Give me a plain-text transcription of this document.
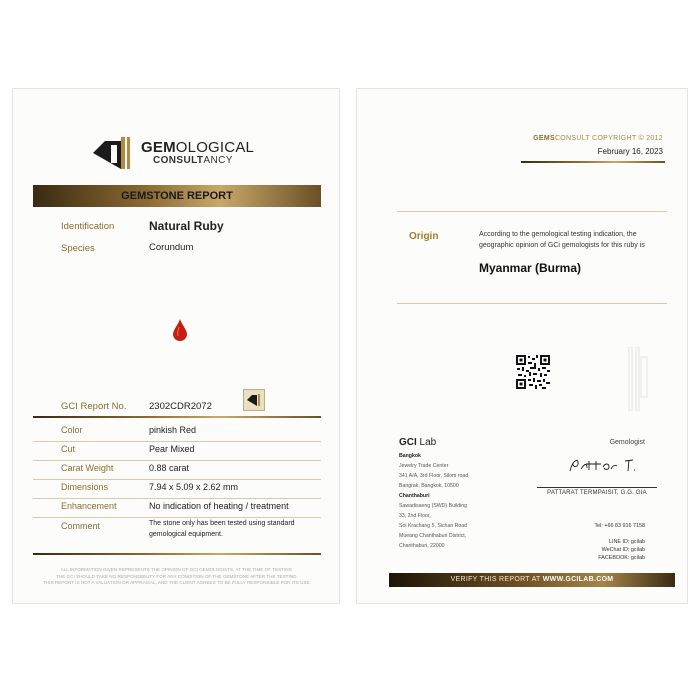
GEMOLOGICAL
CONSULTANCY
GEMSTONE REPORT
Identification	Natural Ruby
Species	Corundum
GCI Report No. 2302CDR2072
Color	pinkish Red
Cut	Pear Mixed
Carat Weight	0.88 carat
Dimensions	7.94 x 5.09 x 2.62 mm
Enhancement	No indication of heating / treatment
Comment	The stone only has been tested using standard
gemological equipment.
ALL INFORMATION GIVEN REPRESENTS THE OPINION OF GCI GEMOLOGISTS, AT THE TIME OF TESTING.
THE GCI SHOULD TAKE NO RESPONSIBILITY FOR ANY CONDITION OF THE GEMSTONE AFTER THE TESTING.
THIS REPORT IS NOT A VALUATION OR APPRAISAL, AND THE CLIENT AGREES TO BE FULLY RESPONSIBLE FOR ITS USE.
GEMSCONSULT COPYRIGHT © 2012
February 16, 2023
Origin	According to the gemological testing indication, the
geographic opinion of GCi gemologists for this ruby is
Myanmar (Burma)
GCI Lab	Gemologist
Bangkok
Jewelry Trade Center
341 A/A, 3rd Floor, Silom road
Bangrak, Bangkok, 10500
Chanthaburi
Sawadisaeng (SWD) Building
33, 2nd Floor,
Soi Krachang 5, Sichan Road
Mueang Chanthaburi District,
Chanthaburi, 22000
PATTARAT TERMPAISIT, G.G. GIA
Tel: +66 83 916 7158
LINE ID: gcilab
WeChat ID: gcilab
FACEBOOK: gcilab
VERIFY THIS REPORT AT WWW.GCILAB.COM
